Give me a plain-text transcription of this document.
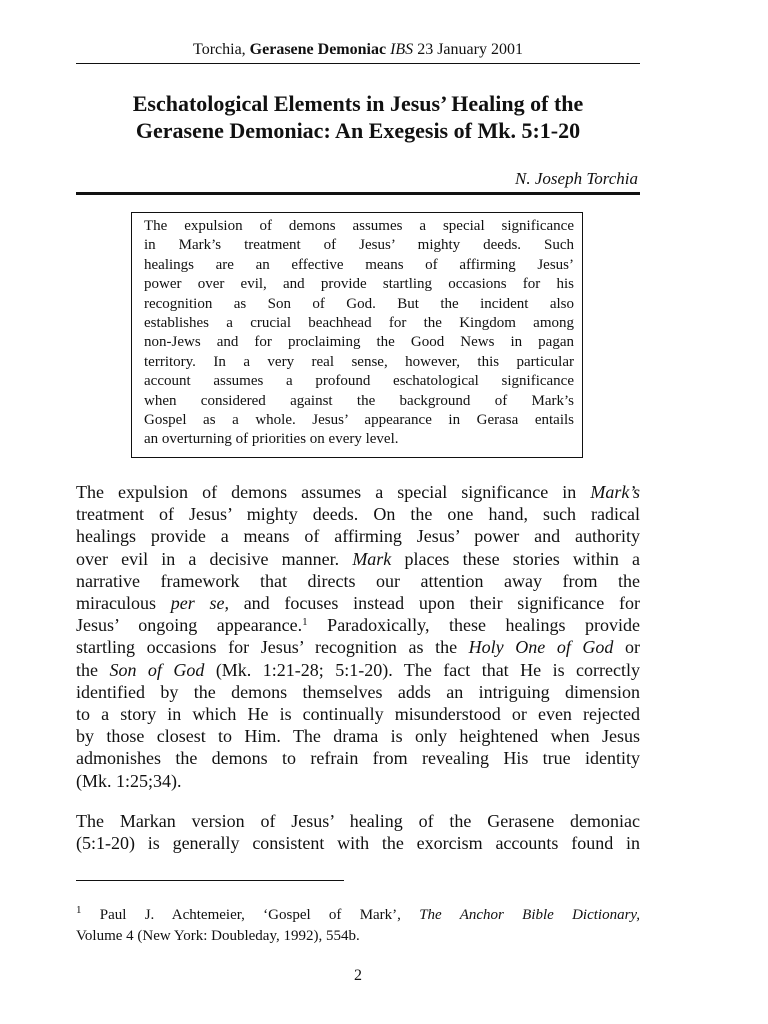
Torchia, Gerasene Demoniac IBS 23 January 2001
Eschatological Elements in Jesus’ Healing of the
Gerasene Demoniac: An Exegesis of Mk. 5:1-20
N. Joseph Torchia
The expulsion of demons assumes a special significance
in Mark’s treatment of Jesus’ mighty deeds. Such
healings are an effective means of affirming Jesus’
power over evil, and provide startling occasions for his
recognition as Son of God. But the incident also
establishes a crucial beachhead for the Kingdom among
non-Jews and for proclaiming the Good News in pagan
territory. In a very real sense, however, this particular
account assumes a profound eschatological significance
when considered against the background of Mark’s
Gospel as a whole. Jesus’ appearance in Gerasa entails
an overturning of priorities on every level.

The expulsion of demons assumes a special significance in Mark’s
treatment of Jesus’ mighty deeds. On the one hand, such radical
healings provide a means of affirming Jesus’ power and authority
over evil in a decisive manner. Mark places these stories within a
narrative framework that directs our attention away from the
miraculous per se, and focuses instead upon their significance for
Jesus’ ongoing appearance.$^1$ Paradoxically, these healings provide
startling occasions for Jesus’ recognition as the Holy One of God or
the Son of God (Mk. 1:21-28; 5:1-20). The fact that He is correctly
identified by the demons themselves adds an intriguing dimension
to a story in which He is continually misunderstood or even rejected
by those closest to Him. The drama is only heightened when Jesus
admonishes the demons to refrain from revealing His true identity
(Mk. 1:25;34).

The Markan version of Jesus’ healing of the Gerasene demoniac
(5:1-20) is generally consistent with the exorcism accounts found in

$^1$ Paul J. Achtemeier, ‘Gospel of Mark’, The Anchor Bible Dictionary,
Volume 4 (New York: Doubleday, 1992), 554b.
2
